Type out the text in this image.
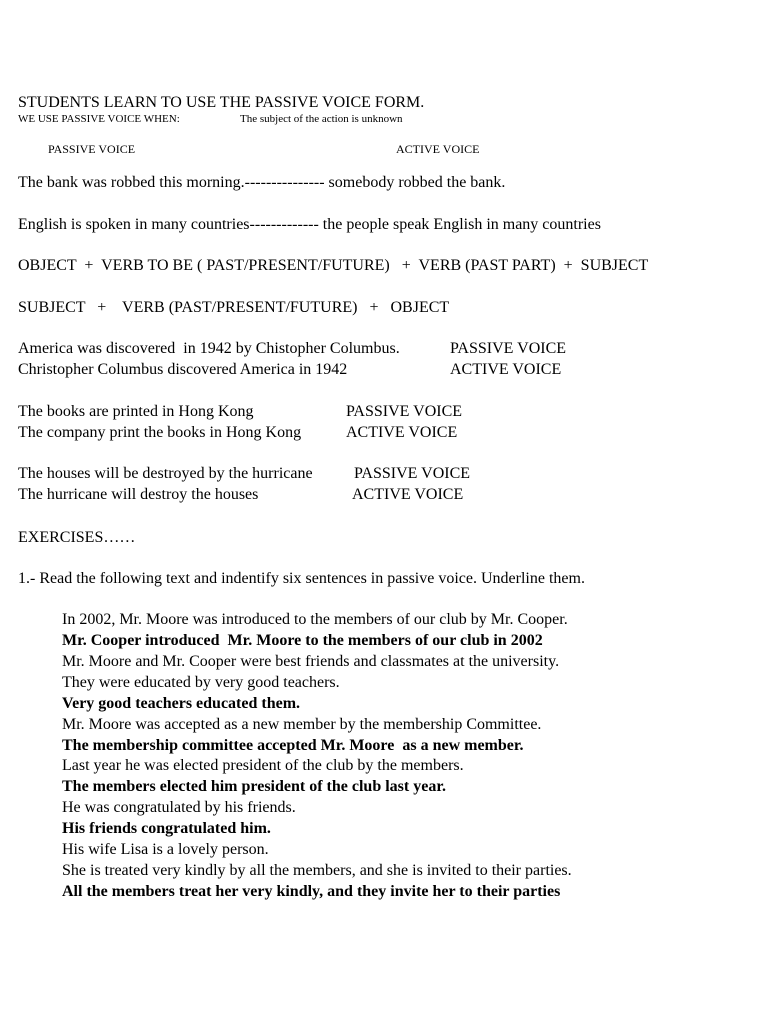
STUDENTS LEARN TO USE THE PASSIVE VOICE FORM.
WE USE PASSIVE VOICE WHEN:	The subject of the action is unknown
PASSIVE VOICE	ACTIVE VOICE
The bank was robbed this morning.--------------- somebody robbed the bank.
English is spoken in many countries------------- the people speak English in many countries
OBJECT  +  VERB TO BE ( PAST/PRESENT/FUTURE)   +  VERB (PAST PART)  +  SUBJECT
SUBJECT   +    VERB (PAST/PRESENT/FUTURE)   +   OBJECT
America was discovered  in 1942 by Chistopher Columbus.	PASSIVE VOICE
Christopher Columbus discovered America in 1942	ACTIVE VOICE
The books are printed in Hong Kong	PASSIVE VOICE
The company print the books in Hong Kong	ACTIVE VOICE
The houses will be destroyed by the hurricane	PASSIVE VOICE
The hurricane will destroy the houses	ACTIVE VOICE
EXERCISES……
1.- Read the following text and indentify six sentences in passive voice. Underline them.
In 2002, Mr. Moore was introduced to the members of our club by Mr. Cooper.
Mr. Cooper introduced  Mr. Moore to the members of our club in 2002
Mr. Moore and Mr. Cooper were best friends and classmates at the university.
They were educated by very good teachers.
Very good teachers educated them.
Mr. Moore was accepted as a new member by the membership Committee.
The membership committee accepted Mr. Moore  as a new member.
Last year he was elected president of the club by the members.
The members elected him president of the club last year.
He was congratulated by his friends.
His friends congratulated him.
His wife Lisa is a lovely person.
She is treated very kindly by all the members, and she is invited to their parties.
All the members treat her very kindly, and they invite her to their parties
